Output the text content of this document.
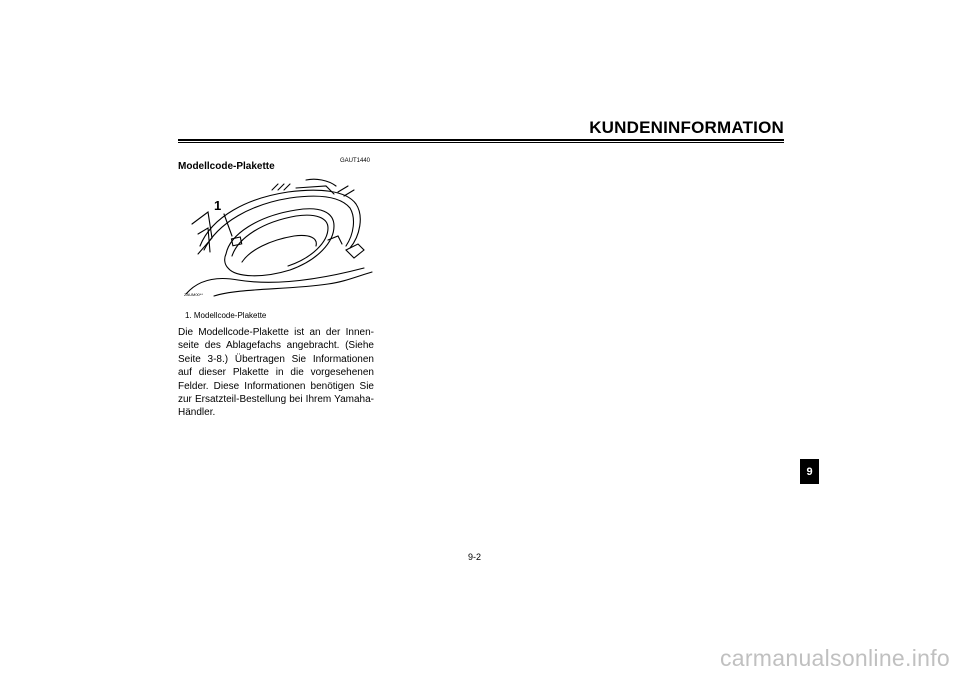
KUNDENINFORMATION
GAUT1440
Modellcode-Plakette
1
ZAUM00**
1. Modellcode-Plakette
Die Modellcode-Plakette ist an der Innenseite des Ablagefachs angebracht. (Siehe Seite 3-8.) Übertragen Sie Informationen auf dieser Plakette in die vorgesehenen Felder. Diese Informationen benötigen Sie zur Ersatzteil-Bestellung bei Ihrem Yamaha-Händler.
9
9-2
carmanualsonline.info
